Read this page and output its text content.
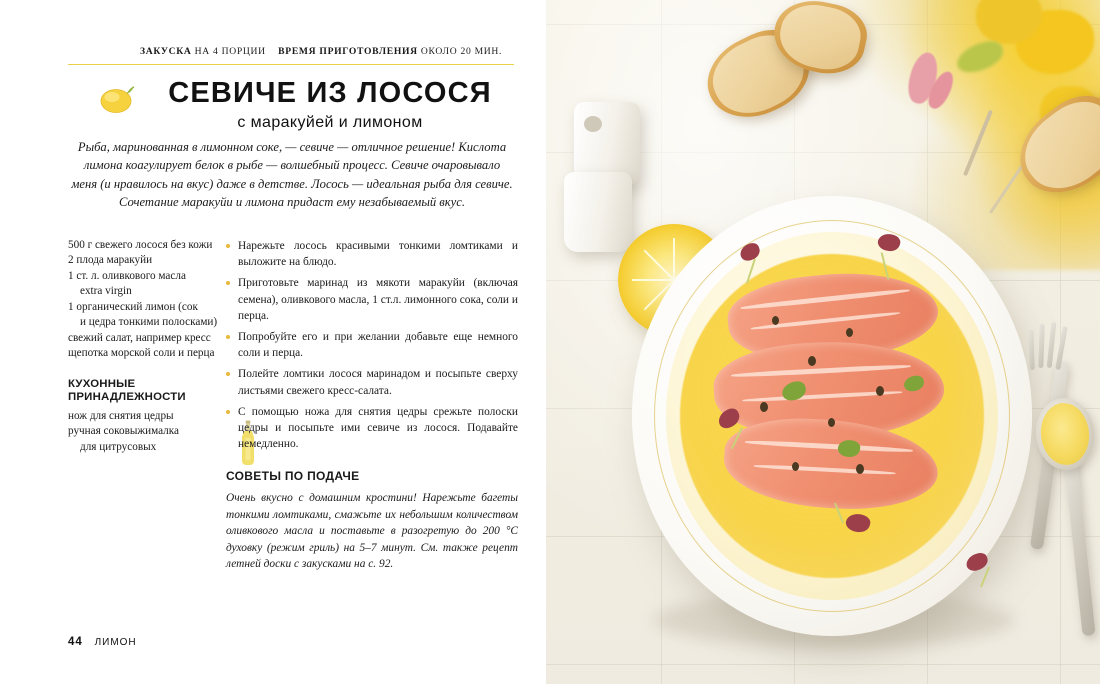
ЗАКУСКА НА 4 ПОРЦИИ ВРЕМЯ ПРИГОТОВЛЕНИЯ ОКОЛО 20 МИН.
СЕВИЧЕ ИЗ ЛОСОСЯ
с маракуйей и лимоном
Рыба, маринованная в лимонном соке, — севиче — отличное решение! Кислота лимона коагулирует белок в рыбе — волшебный процесс. Севиче очаровывало меня (и нравилось на вкус) даже в детстве. Лосось — идеальная рыба для севиче. Сочетание маракуйи и лимона придаст ему незабываемый вкус.

500 г свежего лосося без кожи

2 плода маракуйи

1 ст. л. оливкового масла

extra virgin

1 органический лимон (сок

и цедра тонкими полосками)

свежий салат, например кресс

щепотка морской соли и перца

КУХОННЫЕ
ПРИНАДЛЕЖНОСТИ

нож для снятия цедры

ручная соковыжималка

для цитрусовых

Нарежьте лосось красивыми тонкими ломтиками и выложите на блюдо.
Приготовьте маринад из мякоти маракуйи (включая семена), оливкового масла, 1 ст.л. лимонного сока, соли и перца.
Попробуйте его и при желании добавьте еще немного соли и перца.
Полейте ломтики лосося маринадом и посыпьте сверху листьями свежего кресс-салата.
С помощью ножа для снятия цедры срежьте полоски цедры и посыпьте ими севиче из лосося. Подавайте немедленно.
СОВЕТЫ ПО ПОДАЧЕ
Очень вкусно с домашним кростини! Нарежьте багеты тонкими ломтиками, смажьте их небольшим количеством оливкового масла и поставьте в разогретую до 200 °C духовку (режим гриль) на 5–7 минут. См. также рецепт летней доски с закусками на с. 92.
44 ЛИМОН
